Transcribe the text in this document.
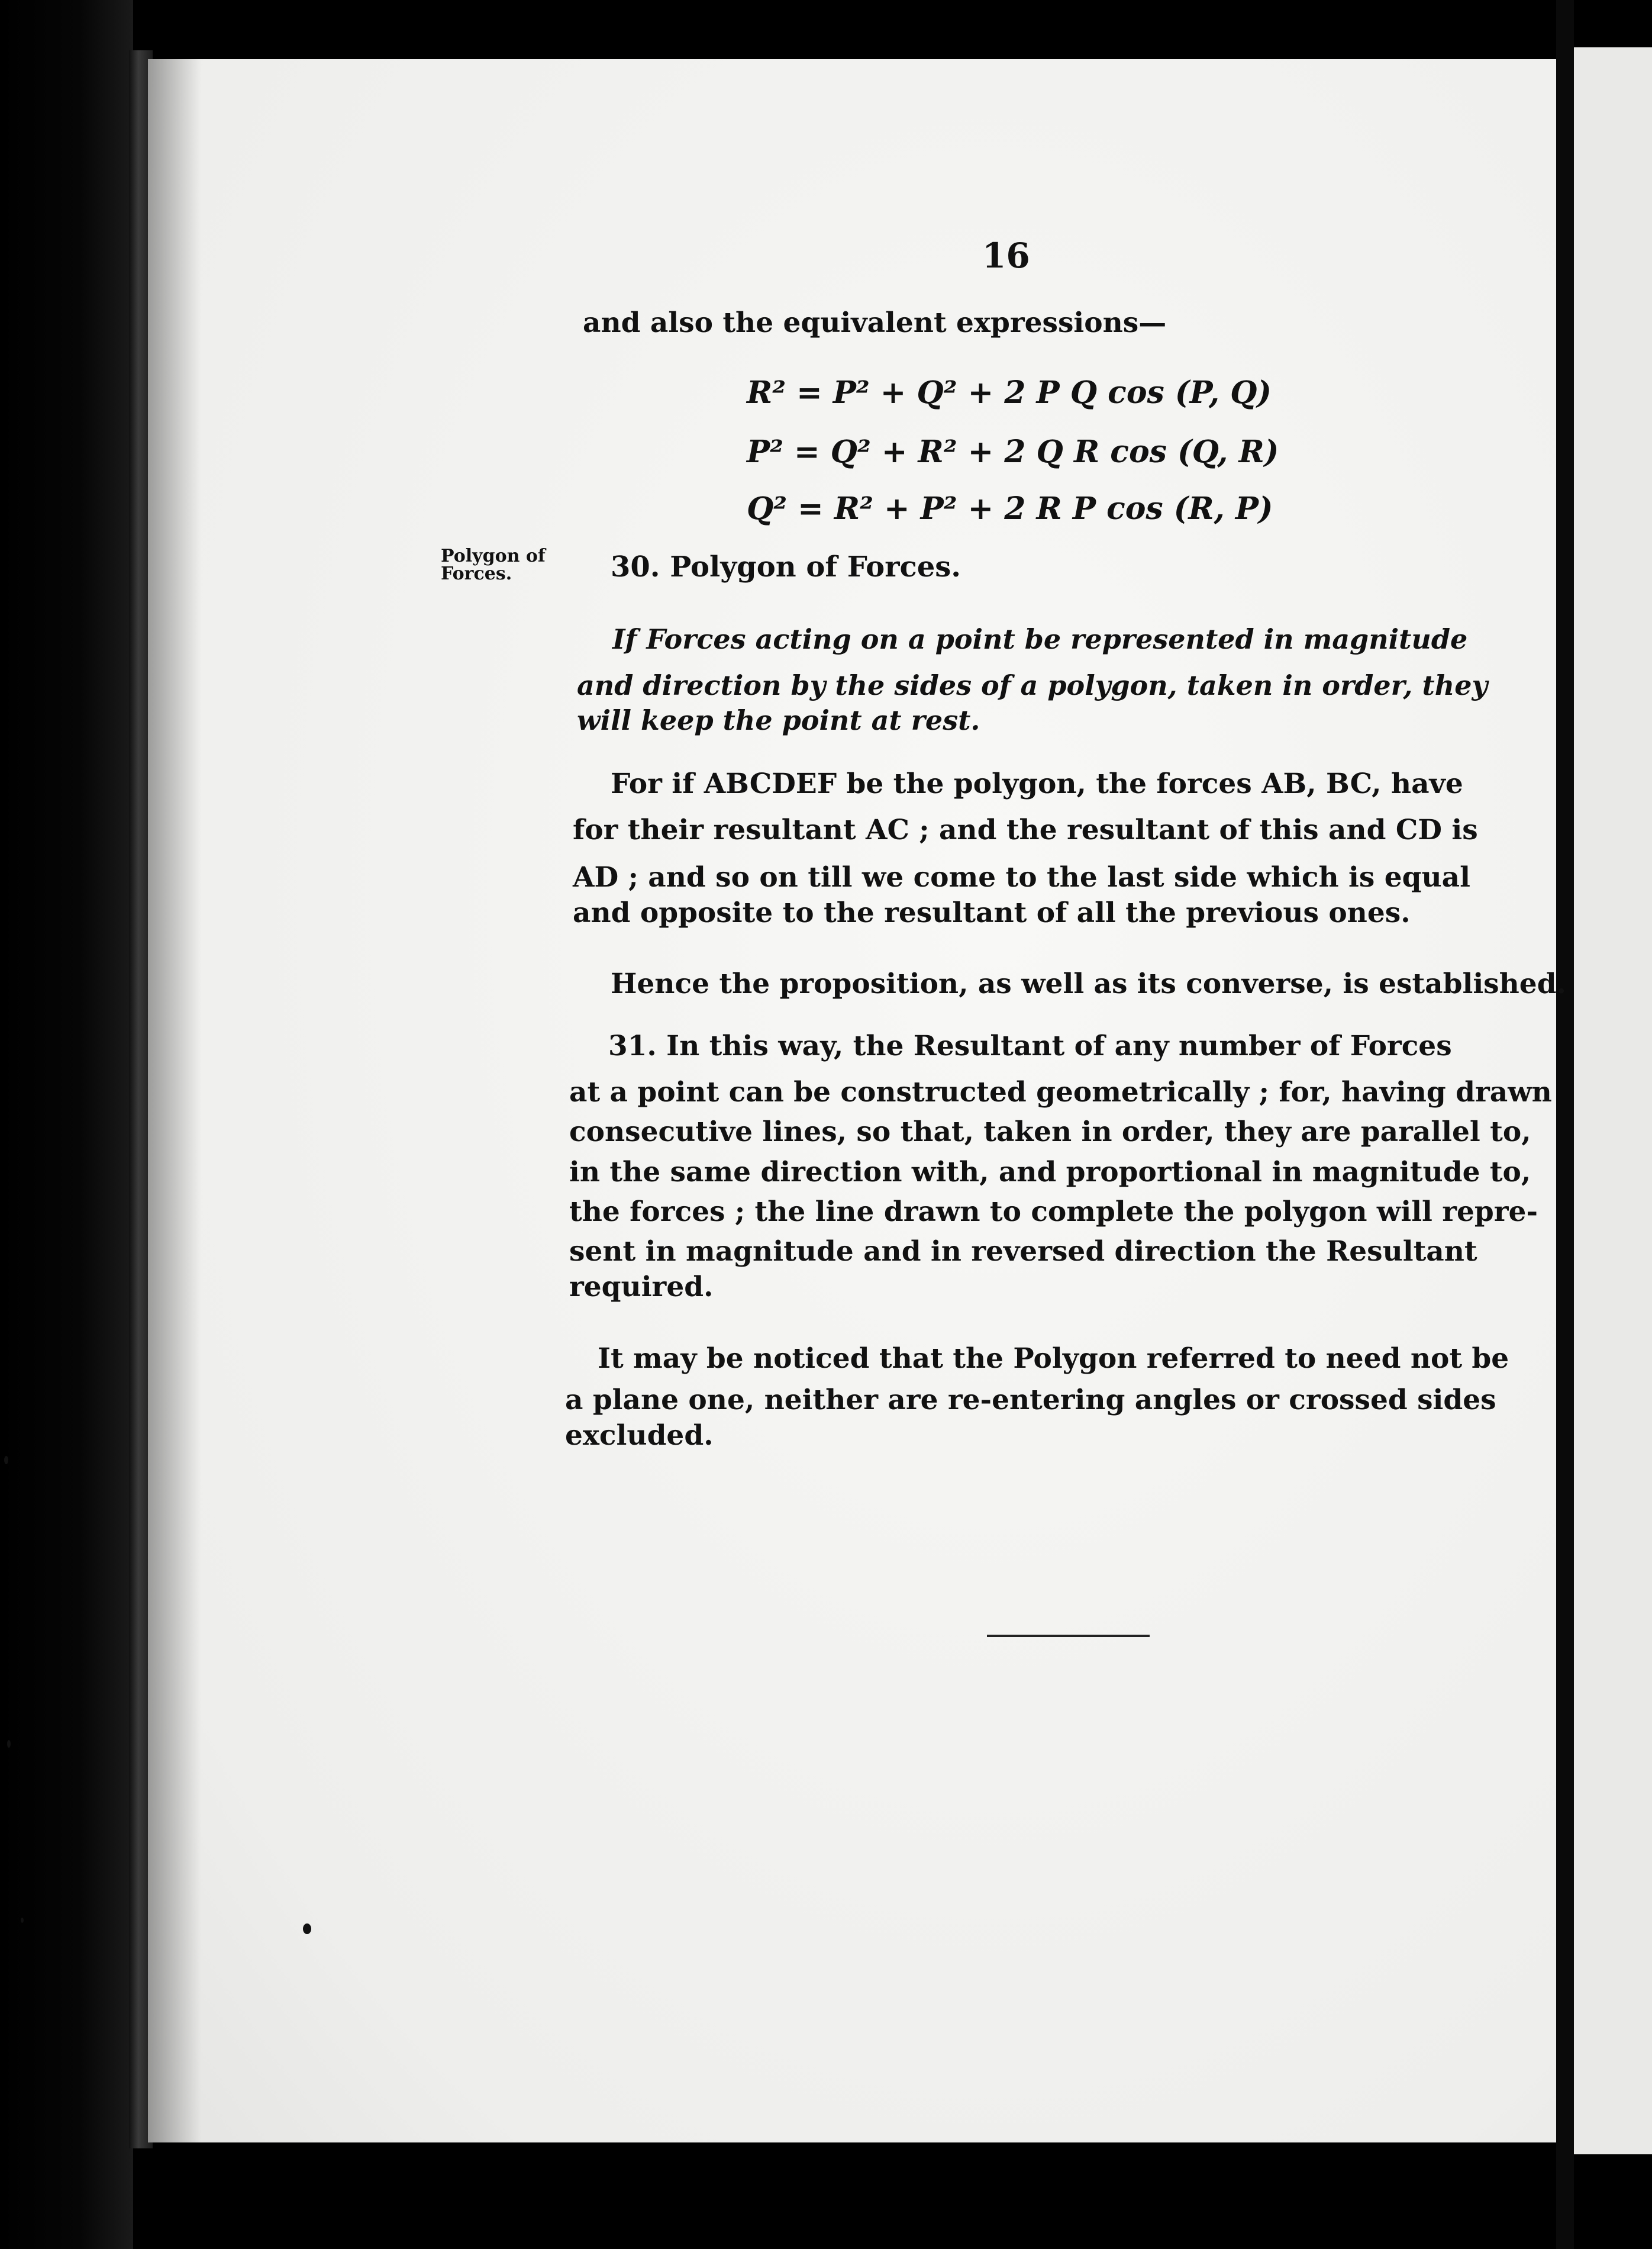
16
and also the equivalent expressions—
R² = P² + Q² + 2 P Q cos (P, Q)
P² = Q² + R² + 2 Q R cos (Q, R)
Q² = R² + P² + 2 R P cos (R, P)
Polygon of
Forces.	30. Polygon of Forces.
If Forces acting on a point be represented in magnitude
and direction by the sides of a polygon, taken in order, they
will keep the point at rest.
For if ABCDEF be the polygon, the forces AB, BC, have
for their resultant AC ; and the resultant of this and CD is
AD ; and so on till we come to the last side which is equal
and opposite to the resultant of all the previous ones.
Hence the proposition, as well as its converse, is established.
31. In this way, the Resultant of any number of Forces
at a point can be constructed geometrically ; for, having drawn
consecutive lines, so that, taken in order, they are parallel to,
in the same direction with, and proportional in magnitude to,
the forces ; the line drawn to complete the polygon will repre-
sent in magnitude and in reversed direction the Resultant
required.
It may be noticed that the Polygon referred to need not be
a plane one, neither are re-entering angles or crossed sides
excluded.
